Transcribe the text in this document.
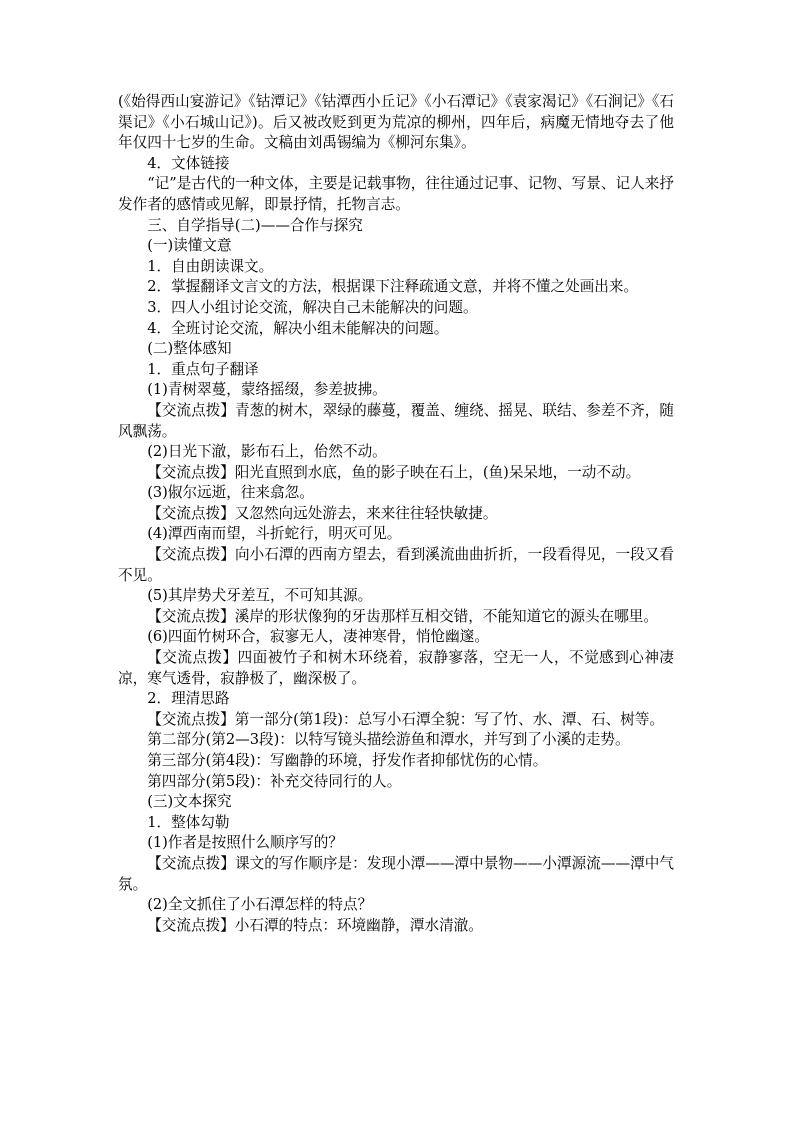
(《始得西山宴游记》《钴潭记》《钴潭西小丘记》《小石潭记》《袁家渴记》《石涧记》《石渠记》《小石城山记》)。后又被改贬到更为荒凉的柳州，四年后，病魔无情地夺去了他年仅四十七岁的生命。文稿由刘禹锡编为《柳河东集》。

4．文体链接

“记”是古代的一种文体，主要是记载事物，往往通过记事、记物、写景、记人来抒发作者的感情或见解，即景抒情，托物言志。

三、自学指导(二)——合作与探究

(一)读懂文意

1．自由朗读课文。

2．掌握翻译文言文的方法，根据课下注释疏通文意，并将不懂之处画出来。

3．四人小组讨论交流，解决自己未能解决的问题。

4．全班讨论交流，解决小组未能解决的问题。

(二)整体感知

1．重点句子翻译

(1)青树翠蔓，蒙络摇缀，参差披拂。

【交流点拨】青葱的树木，翠绿的藤蔓，覆盖、缠绕、摇晃、联结、参差不齐，随风飘荡。

(2)日光下澈，影布石上，佁然不动。

【交流点拨】阳光直照到水底，鱼的影子映在石上，(鱼)呆呆地，一动不动。

(3)俶尔远逝，往来翕忽。

【交流点拨】又忽然向远处游去，来来往往轻快敏捷。

(4)潭西南而望，斗折蛇行，明灭可见。

【交流点拨】向小石潭的西南方望去，看到溪流曲曲折折，一段看得见，一段又看不见。

(5)其岸势犬牙差互，不可知其源。

【交流点拨】溪岸的形状像狗的牙齿那样互相交错，不能知道它的源头在哪里。

(6)四面竹树环合，寂寥无人，凄神寒骨，悄怆幽邃。

【交流点拨】四面被竹子和树木环绕着，寂静寥落，空无一人，不觉感到心神凄凉，寒气透骨，寂静极了，幽深极了。

2．理清思路

【交流点拨】第一部分(第1段)：总写小石潭全貌：写了竹、水、潭、石、树等。

第二部分(第2—3段)：以特写镜头描绘游鱼和潭水，并写到了小溪的走势。

第三部分(第4段)：写幽静的环境，抒发作者抑郁忧伤的心情。

第四部分(第5段)：补充交待同行的人。

(三)文本探究

1．整体勾勒

(1)作者是按照什么顺序写的？

【交流点拨】课文的写作顺序是：发现小潭——潭中景物——小潭源流——潭中气氛。

(2)全文抓住了小石潭怎样的特点？

【交流点拨】小石潭的特点：环境幽静，潭水清澈。
